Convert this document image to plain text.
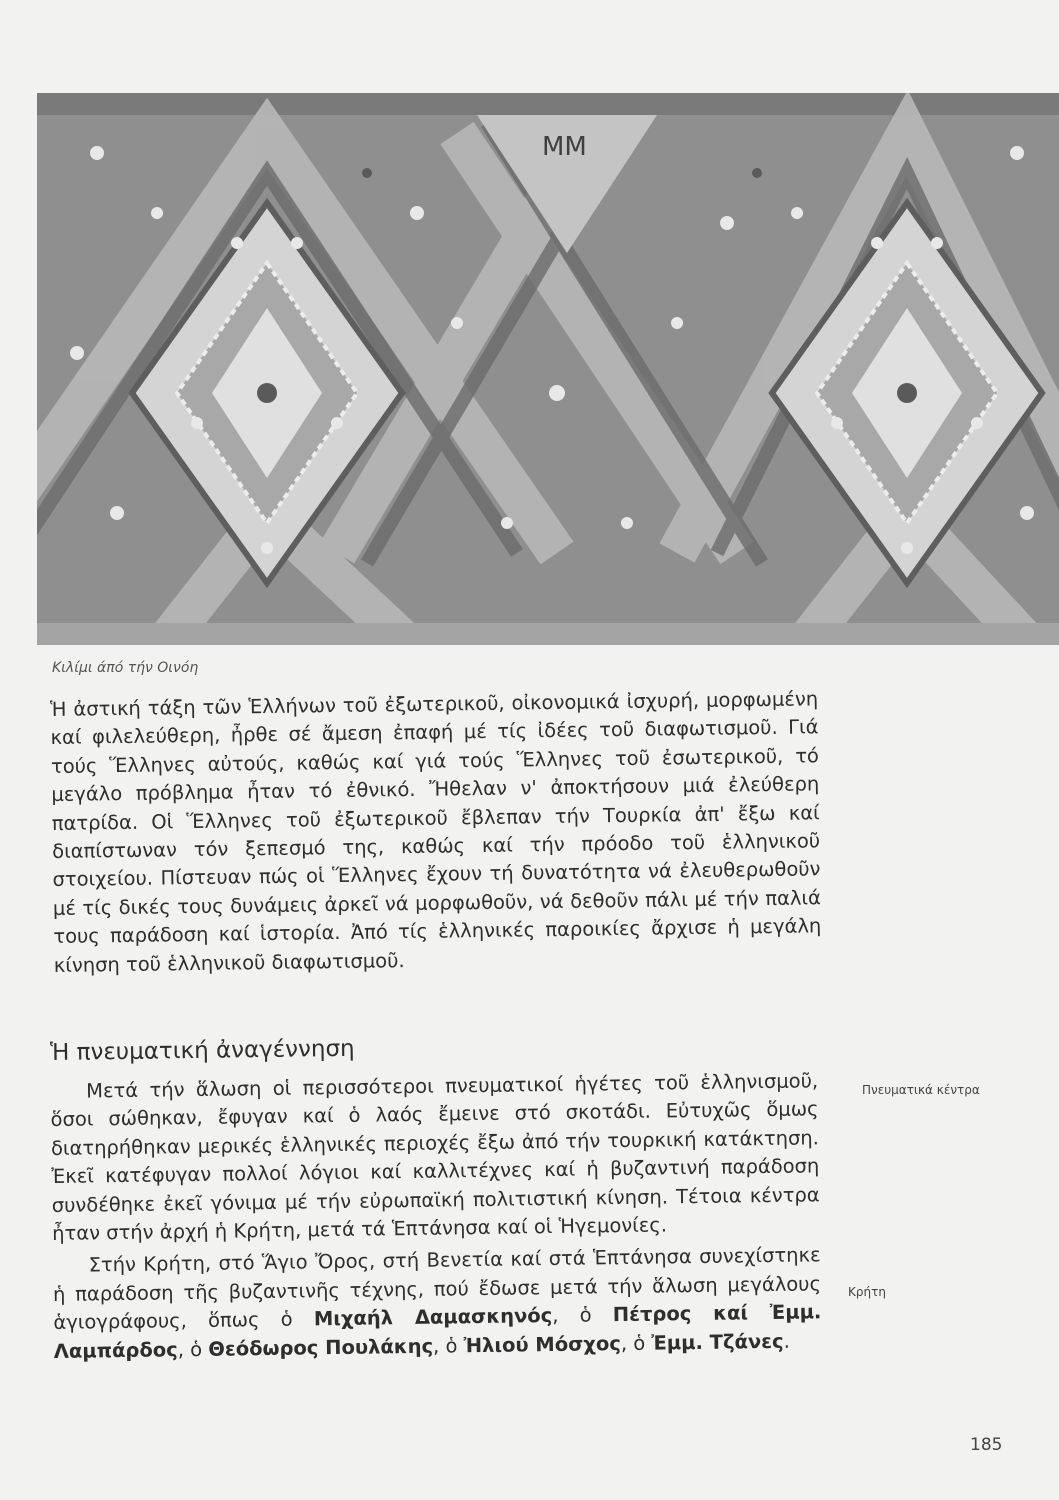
MM
Κιλίμι άπό τήν Οινόη

Ἡ ἀστική τάξη τῶν Ἑλλήνων τοῦ ἐξωτερικοῦ, οἰκονομικά ἰσχυρή, μορφωμένη καί φιλελεύθερη, ἦρθε σέ ἄμεση ἐπαφή μέ τίς ἰδέες τοῦ διαφωτισμοῦ. Γιά τούς Ἕλληνες αὐτούς, καθώς καί γιά τούς Ἕλληνες τοῦ ἐσωτερικοῦ, τό μεγάλο πρόβλημα ἦταν τό ἐθνικό. Ἤθελαν ν' ἀποκτήσουν μιά ἐλεύθερη πατρίδα. Οἱ Ἕλληνες τοῦ ἐξωτερικοῦ ἔβλεπαν τήν Τουρκία ἀπ' ἔξω καί διαπίστωναν τόν ξεπεσμό της, καθώς καί τήν πρόοδο τοῦ ἑλληνικοῦ στοιχείου. Πίστευαν πώς οἱ Ἕλληνες ἔχουν τή δυνατότητα νά ἐλευθερωθοῦν μέ τίς δικές τους δυνάμεις ἀρκεῖ νά μορφωθοῦν, νά δεθοῦν πάλι μέ τήν παλιά τους παράδοση καί ἱστορία. Ἀπό τίς ἑλληνικές παροικίες ἄρχισε ἡ μεγάλη κίνηση τοῦ ἑλληνικοῦ διαφωτισμοῦ.

Ἡ πνευματική ἀναγέννηση

Μετά τήν ἅλωση οἱ περισσότεροι πνευματικοί ἡγέτες τοῦ ἑλληνισμοῦ, ὅσοι σώθηκαν, ἔφυγαν καί ὁ λαός ἔμεινε στό σκοτάδι. Εὐτυχῶς ὅμως διατηρήθηκαν μερικές ἑλληνικές περιοχές ἔξω ἀπό τήν τουρκική κατάκτηση. Ἐκεῖ κατέφυγαν πολλοί λόγιοι καί καλλιτέχνες καί ἡ βυζαντινή παράδοση συνδέθηκε ἐκεῖ γόνιμα μέ τήν εὐρωπαϊκή πολιτιστική κίνηση. Τέτοια κέντρα ἦταν στήν ἀρχή ἡ Κρήτη, μετά τά Ἑπτάνησα καί οἱ Ἡγεμονίες.

Στήν Κρήτη, στό Ἅγιο Ὄρος, στή Βενετία καί στά Ἑπτάνησα συνεχίστηκε ἡ παράδοση τῆς βυζαντινῆς τέχνης, πού ἔδωσε μετά τήν ἅλωση μεγάλους ἁγιογράφους, ὅπως ὁ Μιχαήλ Δαμασκηνός, ὁ Πέτρος καί Ἐμμ. Λαμπάρδος, ὁ Θεόδωρος Πουλάκης, ὁ Ἠλιού Μόσχος, ὁ Ἐμμ. Τζάνες.

Πνευματικά κέντρα
Κρήτη
185
